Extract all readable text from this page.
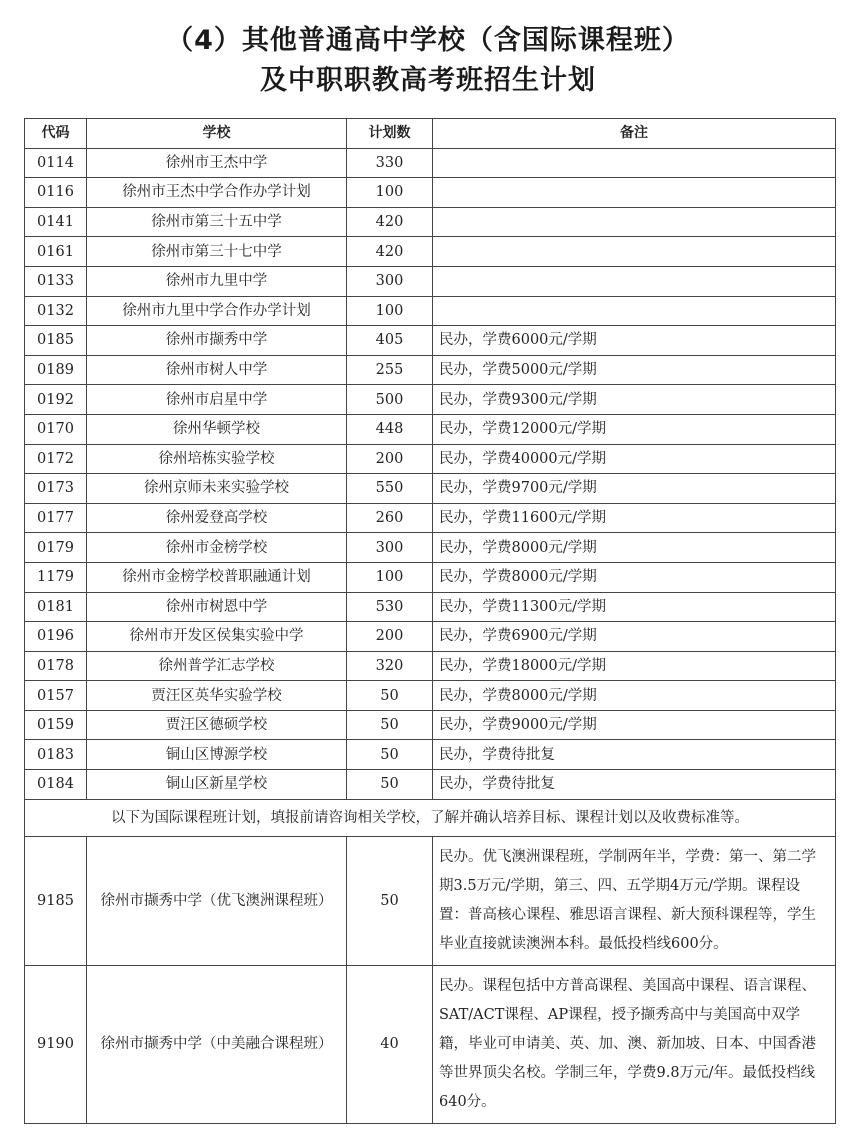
（4）其他普通高中学校（含国际课程班）
及中职职教高考班招生计划
代码	学校	计划数	备注
0114	徐州市王杰中学	330	
0116	徐州市王杰中学合作办学计划	100	
0141	徐州市第三十五中学	420	
0161	徐州市第三十七中学	420	
0133	徐州市九里中学	300	
0132	徐州市九里中学合作办学计划	100	
0185	徐州市撷秀中学	405	民办，学费6000元/学期
0189	徐州市树人中学	255	民办，学费5000元/学期
0192	徐州市启星中学	500	民办，学费9300元/学期
0170	徐州华顿学校	448	民办，学费12000元/学期
0172	徐州培栋实验学校	200	民办，学费40000元/学期
0173	徐州京师未来实验学校	550	民办，学费9700元/学期
0177	徐州爱登高学校	260	民办，学费11600元/学期
0179	徐州市金榜学校	300	民办，学费8000元/学期
1179	徐州市金榜学校普职融通计划	100	民办，学费8000元/学期
0181	徐州市树恩中学	530	民办，学费11300元/学期
0196	徐州市开发区侯集实验中学	200	民办，学费6900元/学期
0178	徐州普学汇志学校	320	民办，学费18000元/学期
0157	贾汪区英华实验学校	50	民办，学费8000元/学期
0159	贾汪区德硕学校	50	民办，学费9000元/学期
0183	铜山区博源学校	50	民办，学费待批复
0184	铜山区新星学校	50	民办，学费待批复
以下为国际课程班计划，填报前请咨询相关学校，了解并确认培养目标、课程计划以及收费标准等。			
9185	徐州市撷秀中学（优飞澳洲课程班）	50	民办。优飞澳洲课程班，学制两年半，学费：第一、第二学期3.5万元/学期，第三、四、五学期4万元/学期。课程设置：普高核心课程、雅思语言课程、新大预科课程等，学生毕业直接就读澳洲本科。最低投档线600分。
9190	徐州市撷秀中学（中美融合课程班）	40	民办。课程包括中方普高课程、美国高中课程、语言课程、SAT/ACT课程、AP课程，授予撷秀高中与美国高中双学籍，毕业可申请美、英、加、澳、新加坡、日本、中国香港等世界顶尖名校。学制三年，学费9.8万元/年。最低投档线640分。
